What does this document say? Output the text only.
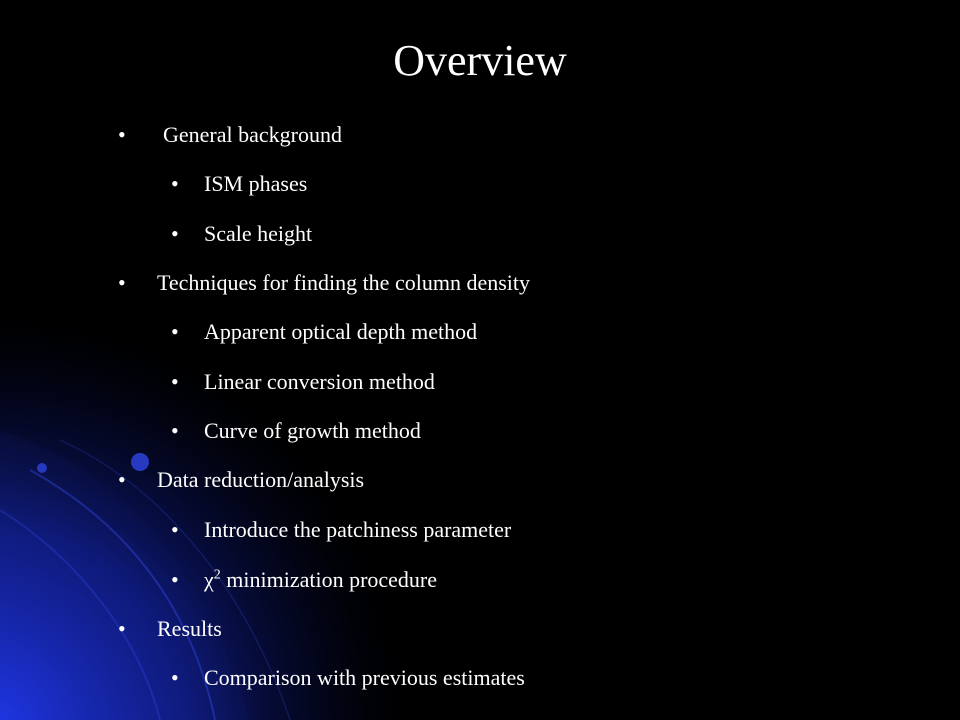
Overview
• General background
• ISM phases
• Scale height
• Techniques for finding the column density
• Apparent optical depth method
• Linear conversion method
• Curve of growth method
• Data reduction/analysis
• Introduce the patchiness parameter
• $\chi^2$ minimization procedure
• Results
• Comparison with previous estimates
